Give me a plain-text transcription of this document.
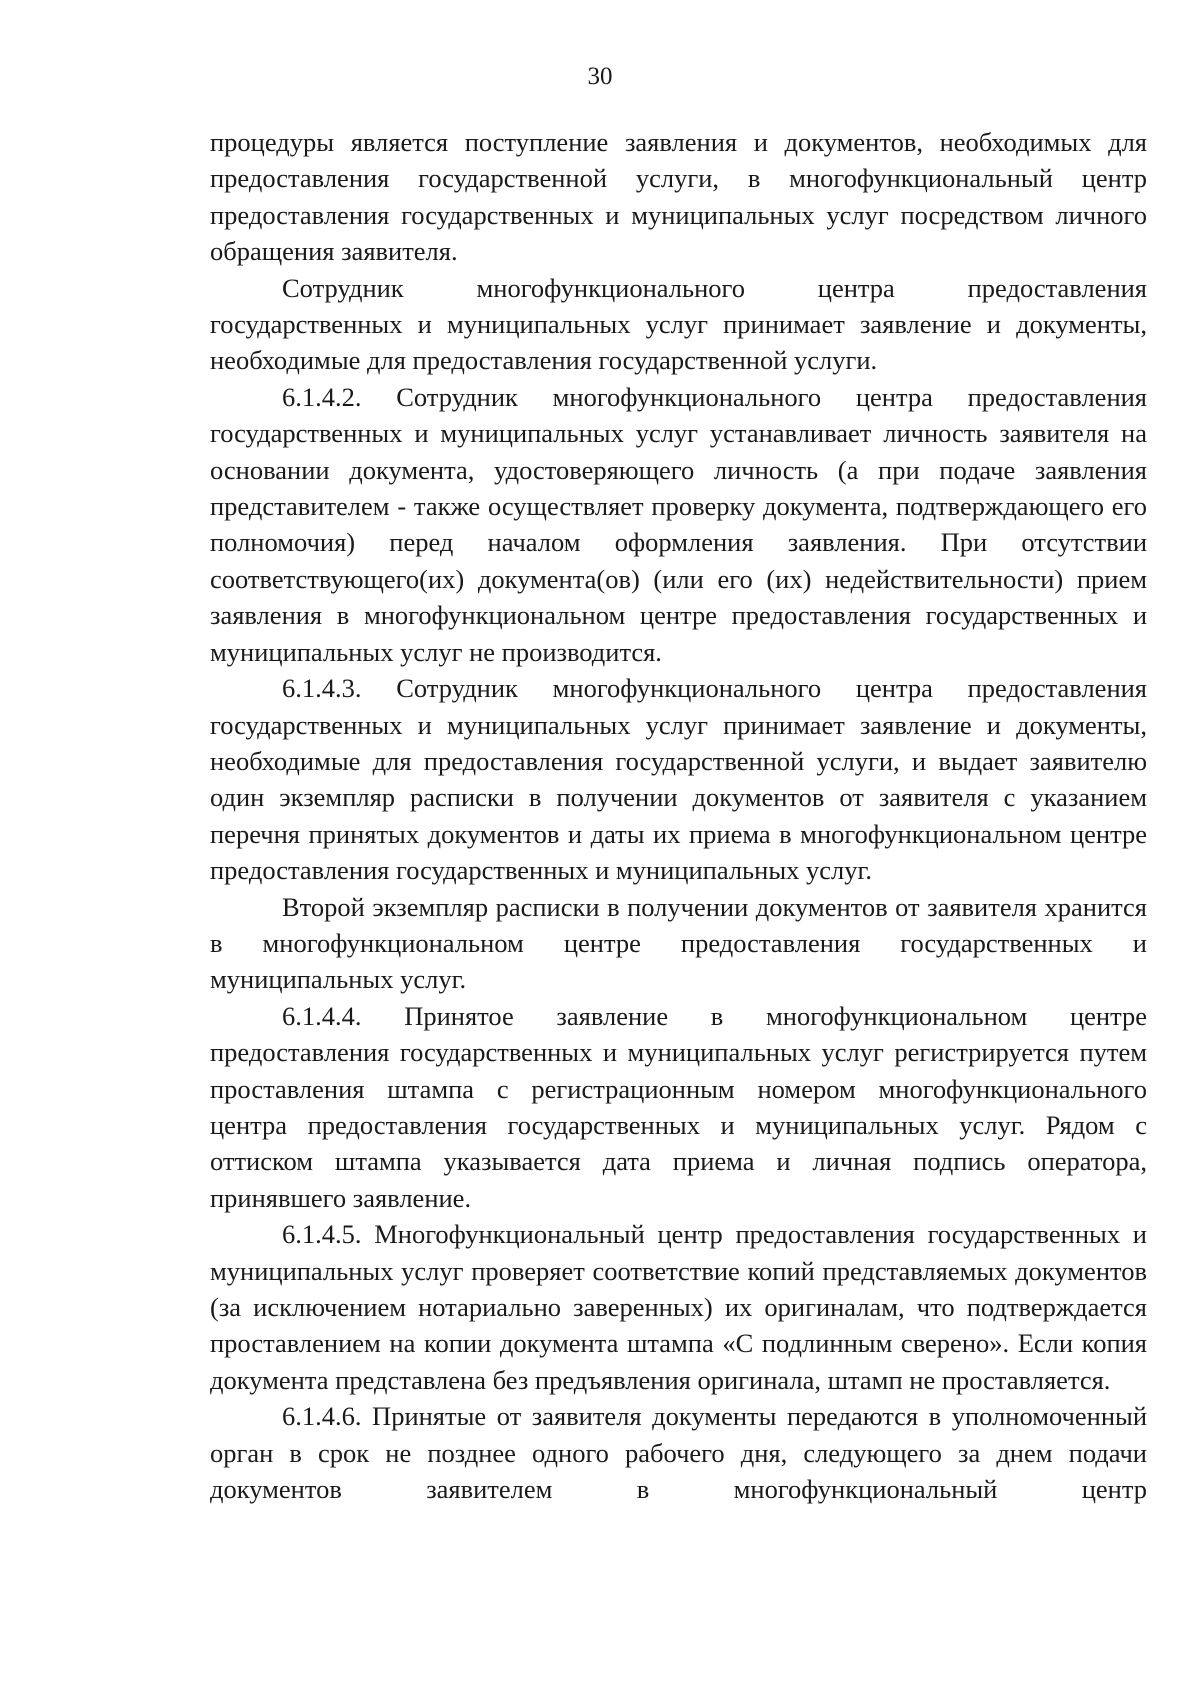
30

процедуры является поступление заявления и документов, необходимых для предоставления государственной услуги, в многофункциональный центр предоставления государственных и муниципальных услуг посредством личного обращения заявителя.

Сотрудник многофункционального центра предоставления государственных и муниципальных услуг принимает заявление и документы, необходимые для предоставления государственной услуги.

6.1.4.2. Сотрудник многофункционального центра предоставления государственных и муниципальных услуг устанавливает личность заявителя на основании документа, удостоверяющего личность (а при подаче заявления представителем - также осуществляет проверку документа, подтверждающего его полномочия) перед началом оформления заявления. При отсутствии соответствующего(их) документа(ов) (или его (их) недействительности) прием заявления в многофункциональном центре предоставления государственных и муниципальных услуг не производится.

6.1.4.3. Сотрудник многофункционального центра предоставления государственных и муниципальных услуг принимает заявление и документы, необходимые для предоставления государственной услуги, и выдает заявителю один экземпляр расписки в получении документов от заявителя с указанием перечня принятых документов и даты их приема в многофункциональном центре предоставления государственных и муниципальных услуг.

Второй экземпляр расписки в получении документов от заявителя хранится в многофункциональном центре предоставления государственных и муниципальных услуг.

6.1.4.4. Принятое заявление в многофункциональном центре предоставления государственных и муниципальных услуг регистрируется путем проставления штампа с регистрационным номером многофункционального центра предоставления государственных и муниципальных услуг. Рядом с оттиском штампа указывается дата приема и личная подпись оператора, принявшего заявление.

6.1.4.5. Многофункциональный центр предоставления государственных и муниципальных услуг проверяет соответствие копий представляемых документов (за исключением нотариально заверенных) их оригиналам, что подтверждается проставлением на копии документа штампа «С подлинным сверено». Если копия документа представлена без предъявления оригинала, штамп не проставляется.

6.1.4.6. Принятые от заявителя документы передаются в уполномоченный орган в срок не позднее одного рабочего дня, следующего за днем подачи документов заявителем в многофункциональный центр
